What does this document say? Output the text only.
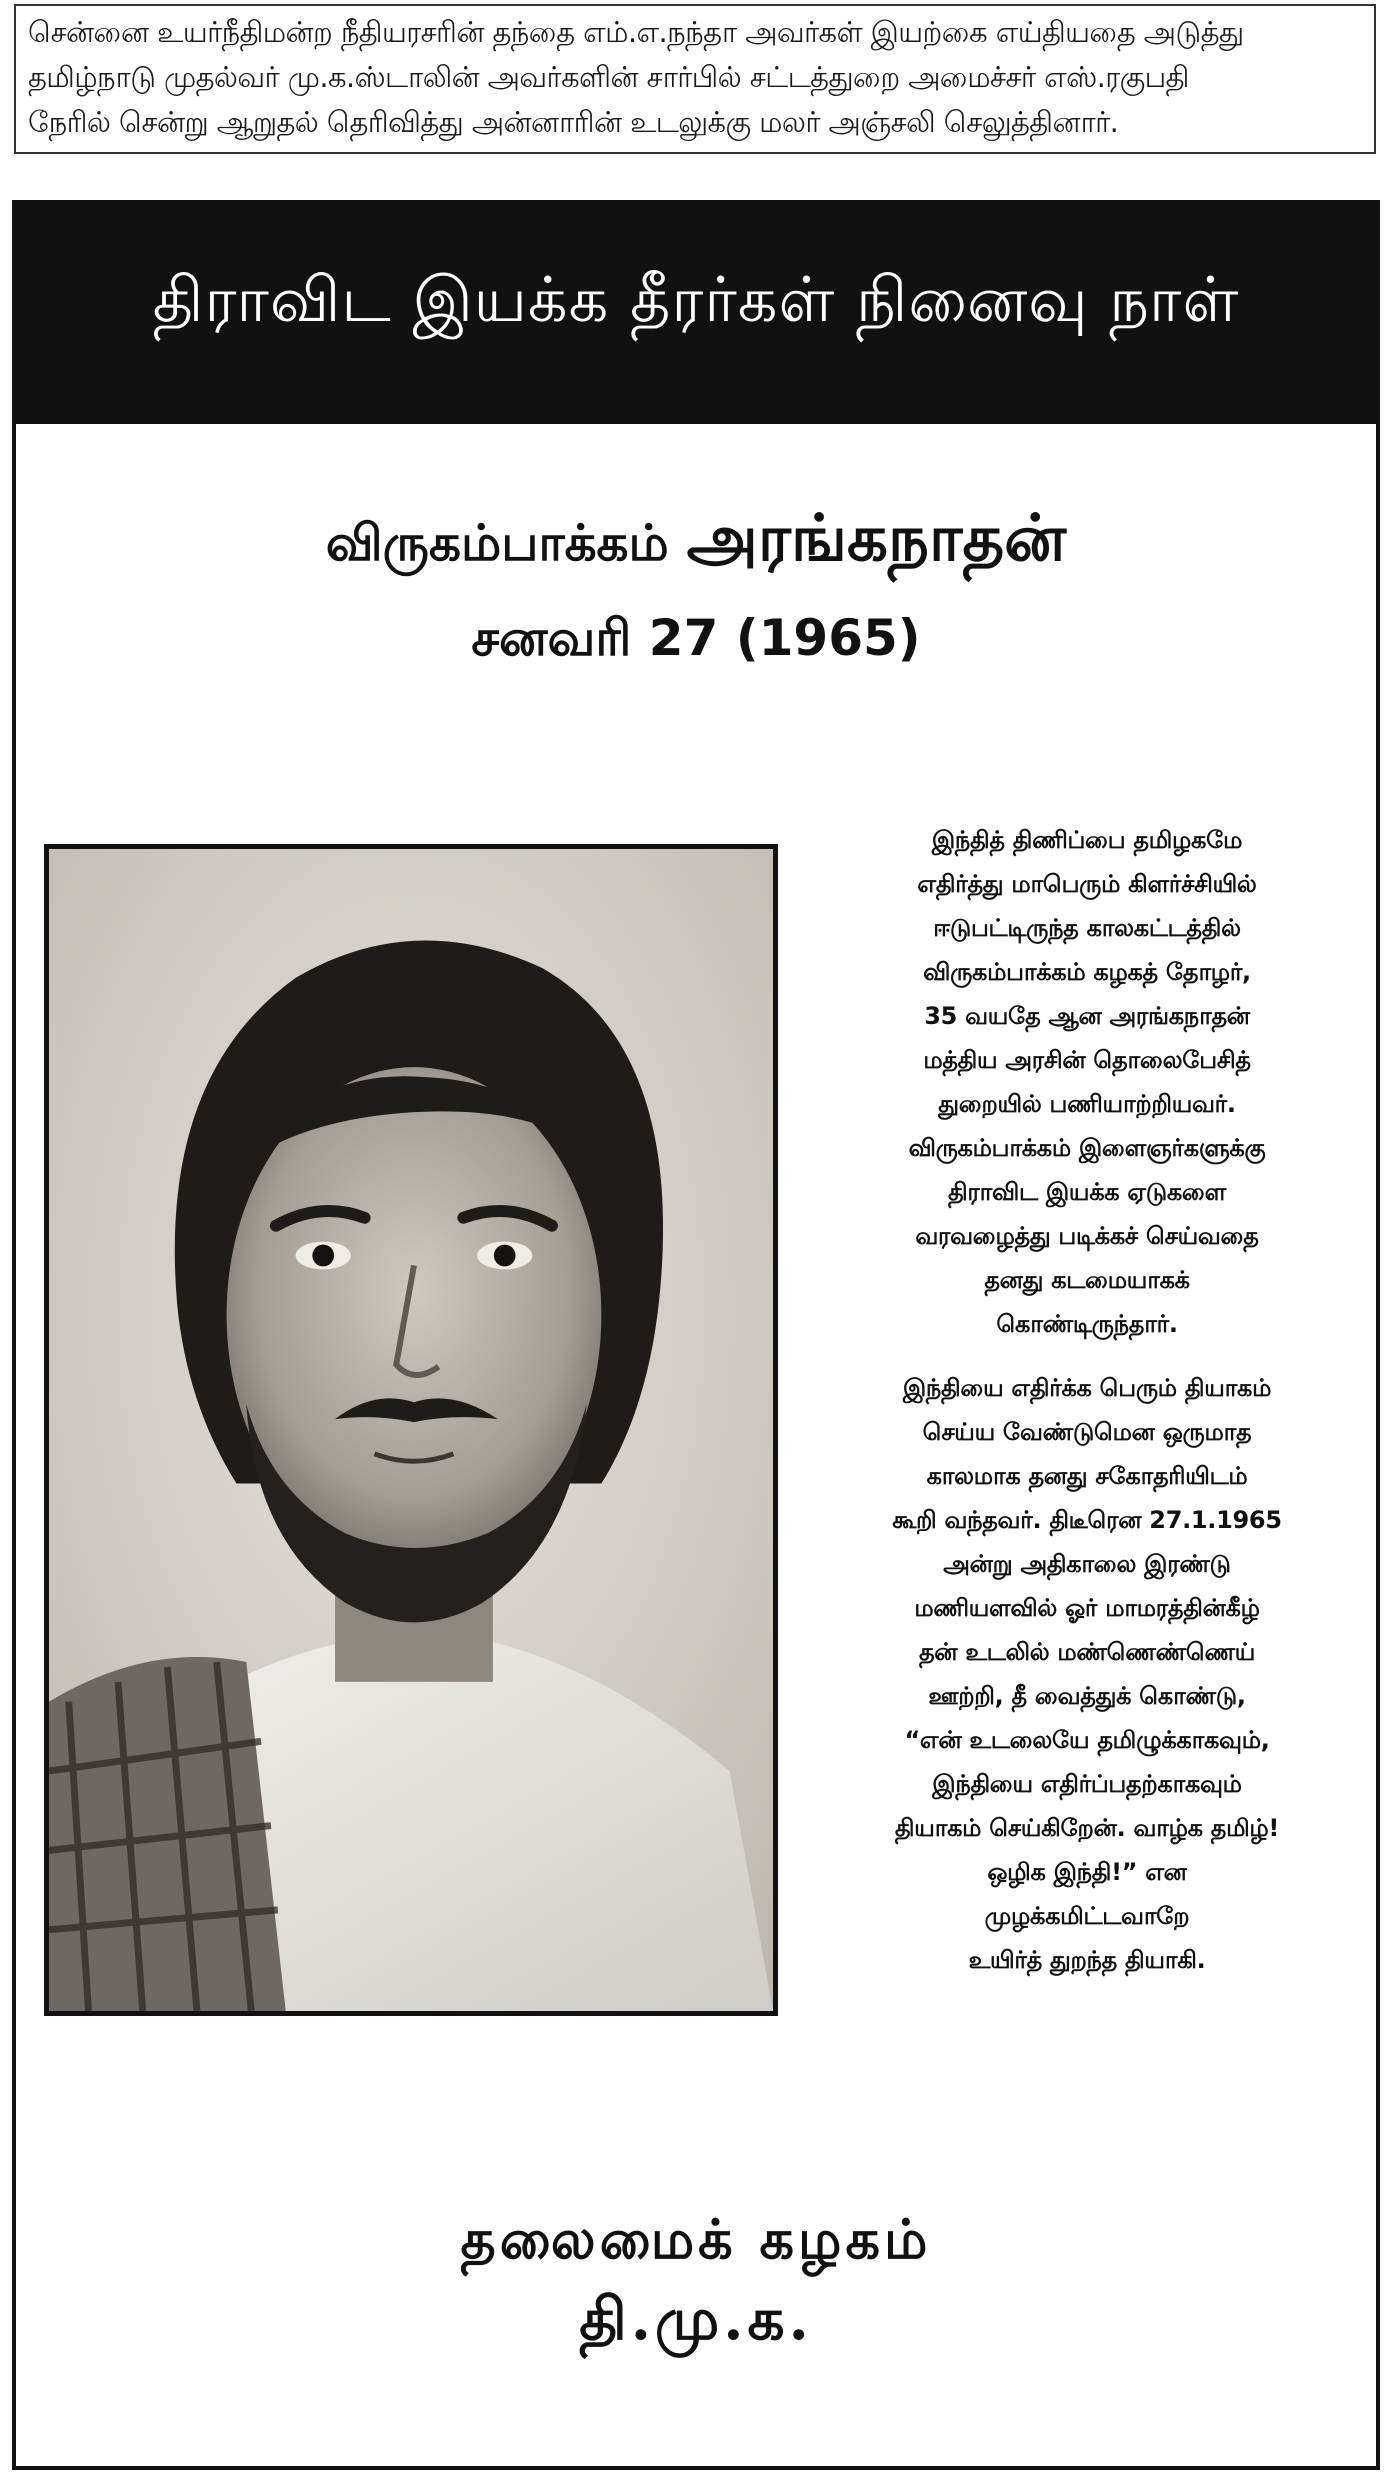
சென்னை உயர்நீதிமன்ற நீதியரசரின் தந்தை எம்.எ.நந்தா அவர்கள் இயற்கை எய்தியதை அடுத்து
தமிழ்நாடு முதல்வர் மு.க.ஸ்டாலின் அவர்களின் சார்பில் சட்டத்துறை அமைச்சர் எஸ்.ரகுபதி
நேரில் சென்று ஆறுதல் தெரிவித்து அன்னாரின் உடலுக்கு மலர் அஞ்சலி செலுத்தினார்.
திராவிட இயக்க தீரர்கள் நினைவு நாள்
விருகம்பாக்கம் அரங்கநாதன்
சனவரி 27 (1965)
இந்தித் திணிப்பை தமிழகமே
எதிர்த்து மாபெரும் கிளர்ச்சியில்
ஈடுபட்டிருந்த காலகட்டத்தில்
விருகம்பாக்கம் கழகத் தோழர்,
35 வயதே ஆன அரங்கநாதன்
மத்திய அரசின் தொலைபேசித்
துறையில் பணியாற்றியவர்.
விருகம்பாக்கம் இளைஞர்களுக்கு
திராவிட இயக்க ஏடுகளை
வரவழைத்து படிக்கச் செய்வதை
தனது கடமையாகக்
கொண்டிருந்தார்.
இந்தியை எதிர்க்க பெரும் தியாகம்
செய்ய வேண்டுமென ஒருமாத
காலமாக தனது சகோதரியிடம்
கூறி வந்தவர். திடீரென 27.1.1965
அன்று அதிகாலை இரண்டு
மணியளவில் ஓர் மாமரத்தின்கீழ்
தன் உடலில் மண்ணெண்ணெய்
ஊற்றி, தீ வைத்துக் கொண்டு,
“என் உடலையே தமிழுக்காகவும்,
இந்தியை எதிர்ப்பதற்காகவும்
தியாகம் செய்கிறேன். வாழ்க தமிழ்!
ஒழிக இந்தி!” என
முழக்கமிட்டவாறே
உயிர்த் துறந்த தியாகி.
தலைமைக் கழகம்
தி.மு.க.
